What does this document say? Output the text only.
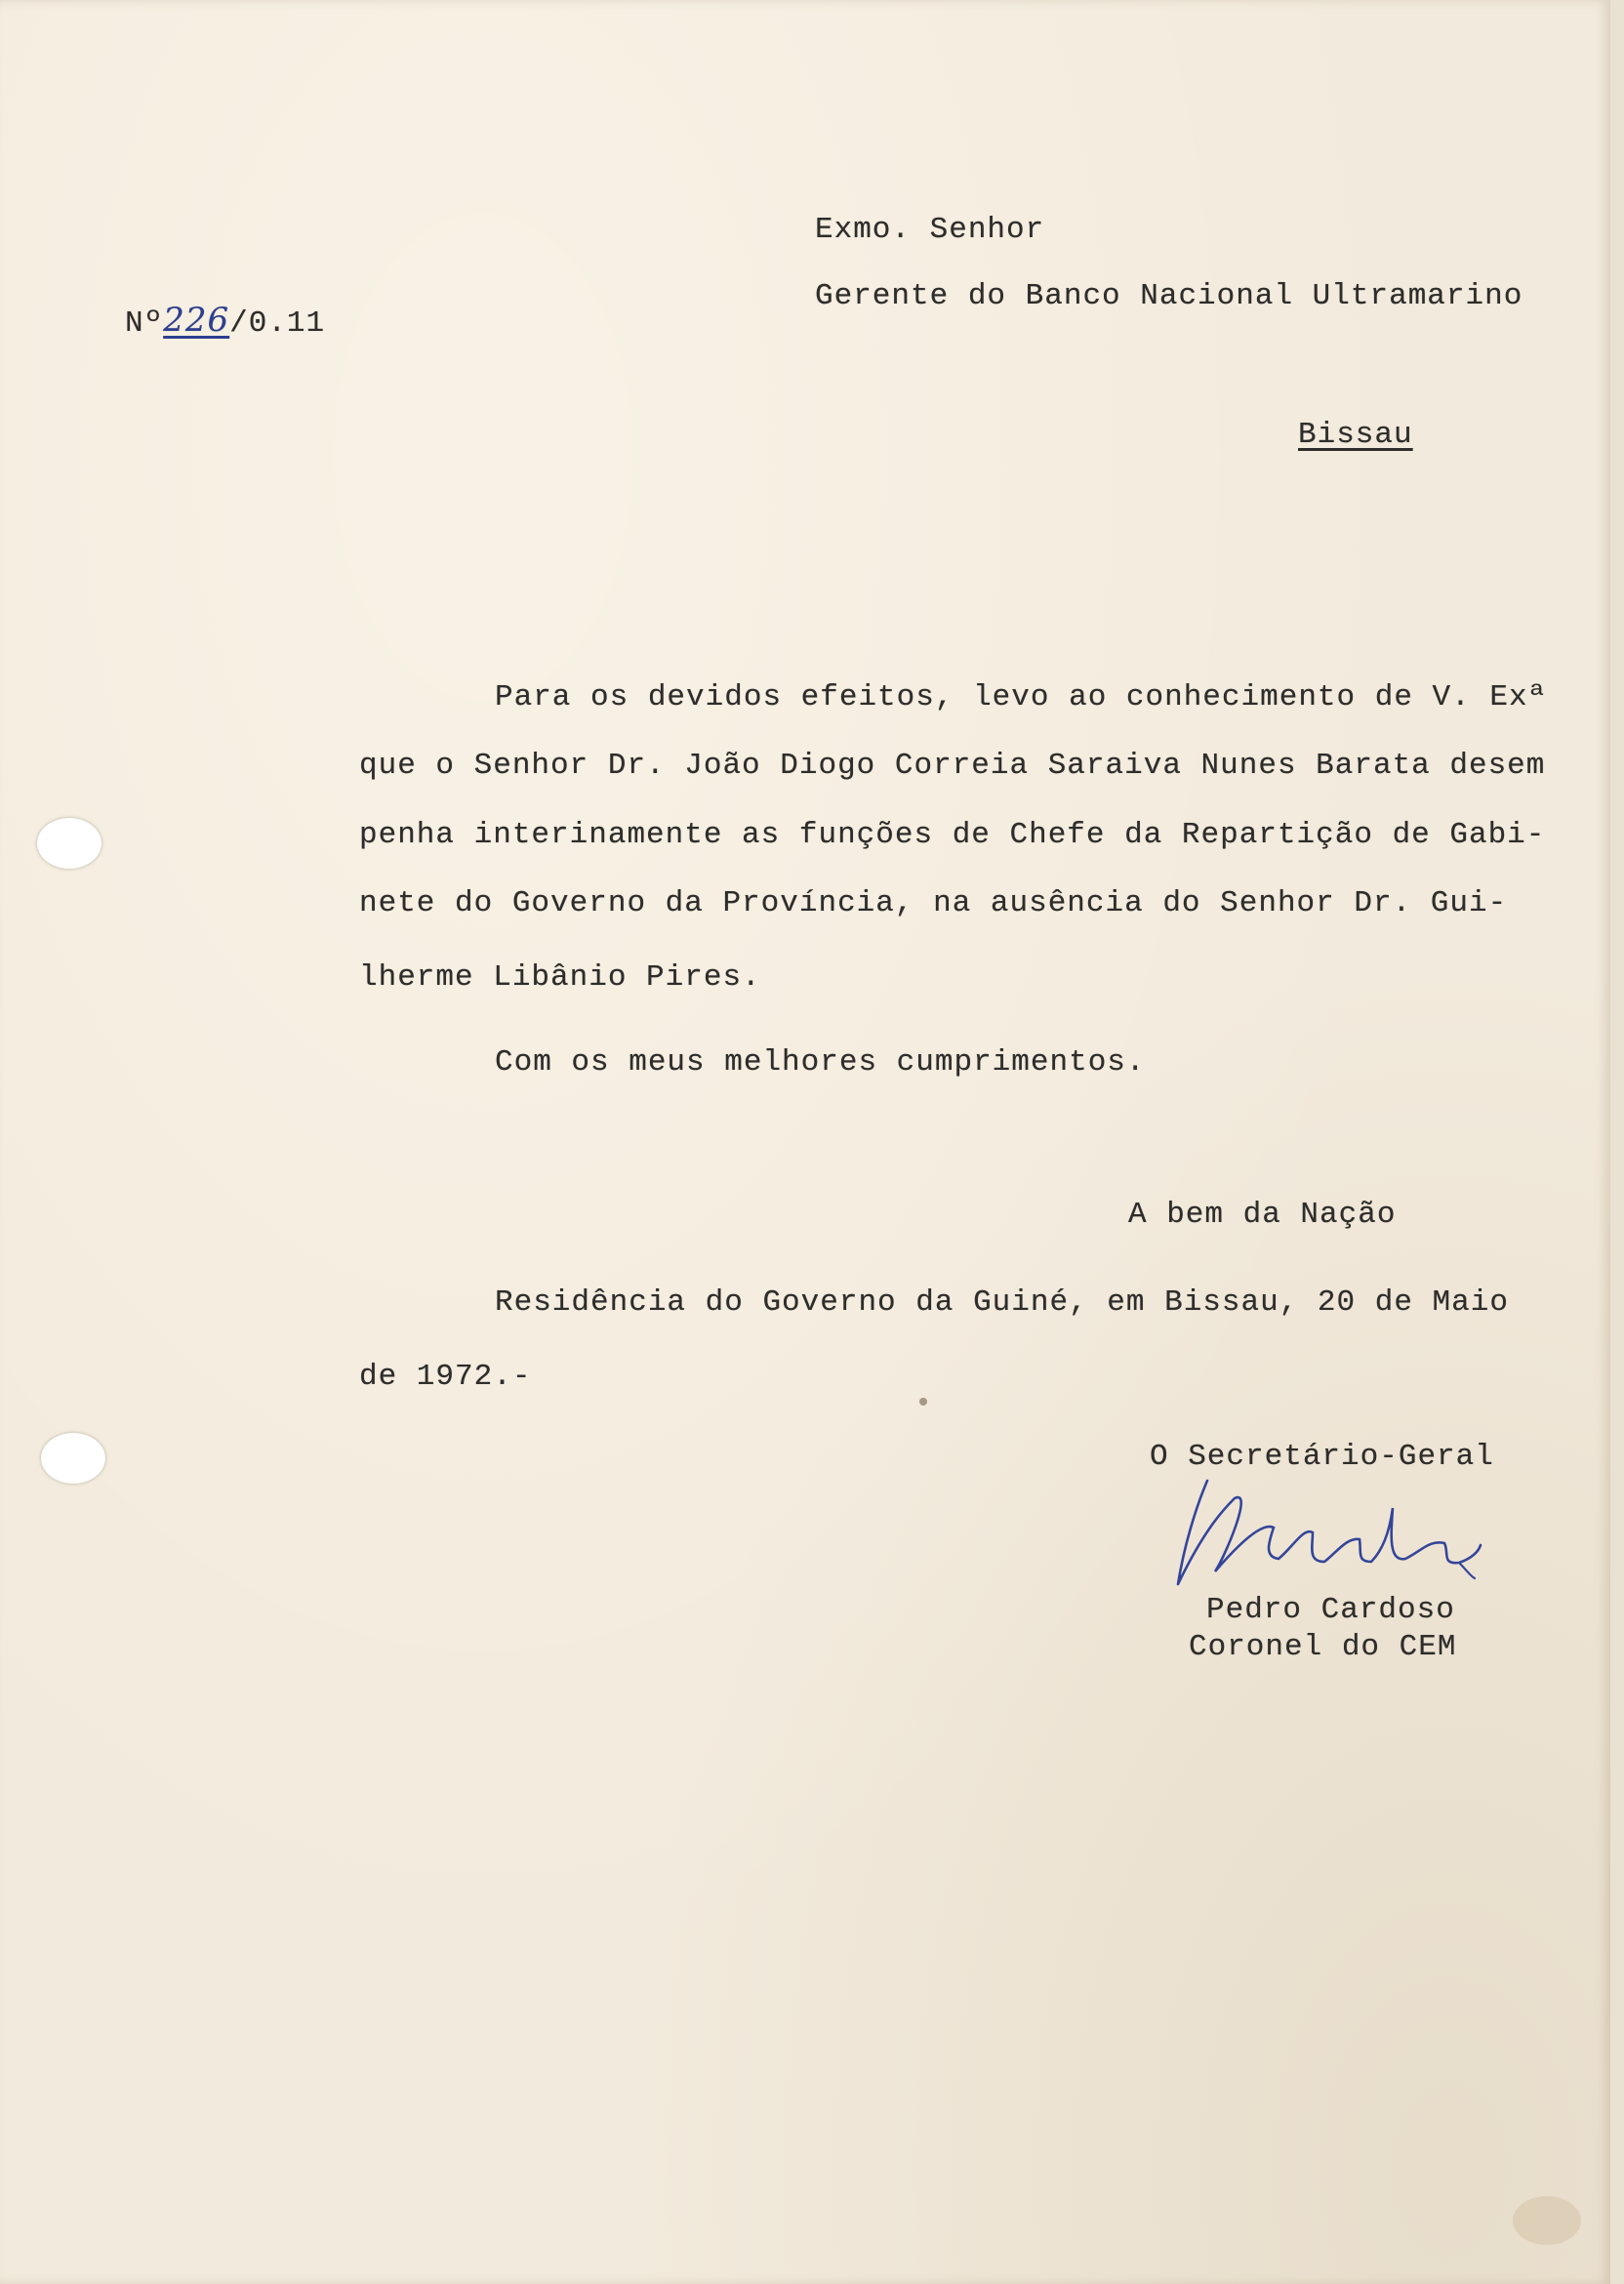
Nº226/0.11
Exmo. Senhor
Gerente do Banco Nacional Ultramarino
Bissau
Para os devidos efeitos, levo ao conhecimento de V. Exª
que o Senhor Dr. João Diogo Correia Saraiva Nunes Barata desem
penha interinamente as funções de Chefe da Repartição de Gabi-
nete do Governo da Província, na ausência do Senhor Dr. Gui-
lherme Libânio Pires.
Com os meus melhores cumprimentos.
A bem da Nação
Residência do Governo da Guiné, em Bissau, 20 de Maio
de 1972.-
O Secretário-Geral
Pedro Cardoso
Coronel do CEM
